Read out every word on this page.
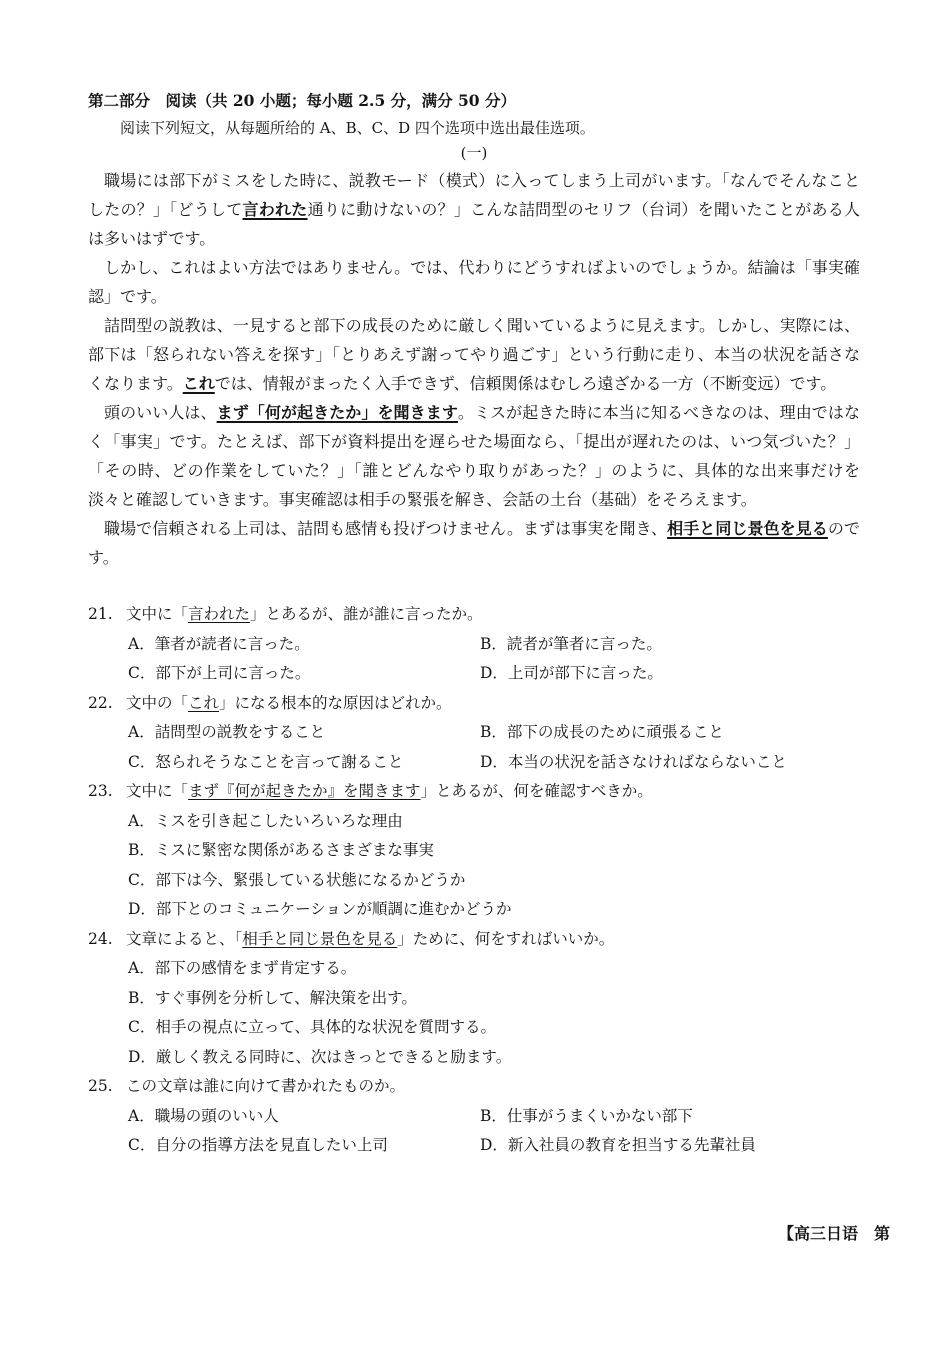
第二部分　阅读（共 20 小题；每小题 2.5 分，满分 50 分）

阅读下列短文，从每题所给的 A、B、C、D 四个选项中选出最佳选项。

(一)

職場には部下がミスをした時に、説教モード（模式）に入ってしまう上司がいます。「なんでそんなことしたの？」「どうして言われた通りに動けないの？」こんな詰問型のセリフ（台词）を聞いたことがある人は多いはずです。

しかし、これはよい方法ではありません。では、代わりにどうすればよいのでしょうか。結論は「事実確認」です。

詰問型の説教は、一見すると部下の成長のために厳しく聞いているように見えます。しかし、実際には、部下は「怒られない答えを探す」「とりあえず謝ってやり過ごす」という行動に走り、本当の状況を話さなくなります。これでは、情報がまったく入手できず、信頼関係はむしろ遠ざかる一方（不断变远）です。

頭のいい人は、まず「何が起きたか」を聞きます。ミスが起きた時に本当に知るべきなのは、理由ではなく「事実」です。たとえば、部下が資料提出を遅らせた場面なら、「提出が遅れたのは、いつ気づいた？」「その時、どの作業をしていた？」「誰とどんなやり取りがあった？」のように、具体的な出来事だけを淡々と確認していきます。事実確認は相手の緊張を解き、会話の土台（基础）をそろえます。

職場で信頼される上司は、詰問も感情も投げつけません。まずは事実を聞き、相手と同じ景色を見るのです。

21. 文中に「言われた」とあるが、誰が誰に言ったか。

A．筆者が読者に言った。	B．読者が筆者に言った。
C．部下が上司に言った。	D．上司が部下に言った。

22. 文中の「これ」になる根本的な原因はどれか。

A．詰問型の説教をすること	B．部下の成長のために頑張ること
C．怒られそうなことを言って謝ること	D．本当の状況を話さなければならないこと

23. 文中に「まず『何が起きたか』を聞きます」とあるが、何を確認すべきか。

A．ミスを引き起こしたいろいろな理由
B．ミスに緊密な関係があるさまざまな事実
C．部下は今、緊張している状態になるかどうか
D．部下とのコミュニケーションが順調に進むかどうか

24. 文章によると、「相手と同じ景色を見る」ために、何をすればいいか。

A．部下の感情をまず肯定する。
B．すぐ事例を分析して、解決策を出す。
C．相手の視点に立って、具体的な状況を質問する。
D．厳しく教える同時に、次はきっとできると励ます。

25. この文章は誰に向けて書かれたものか。

A．職場の頭のいい人	B．仕事がうまくいかない部下
C．自分の指導方法を見直したい上司	D．新入社員の教育を担当する先輩社員
【高三日语　第
